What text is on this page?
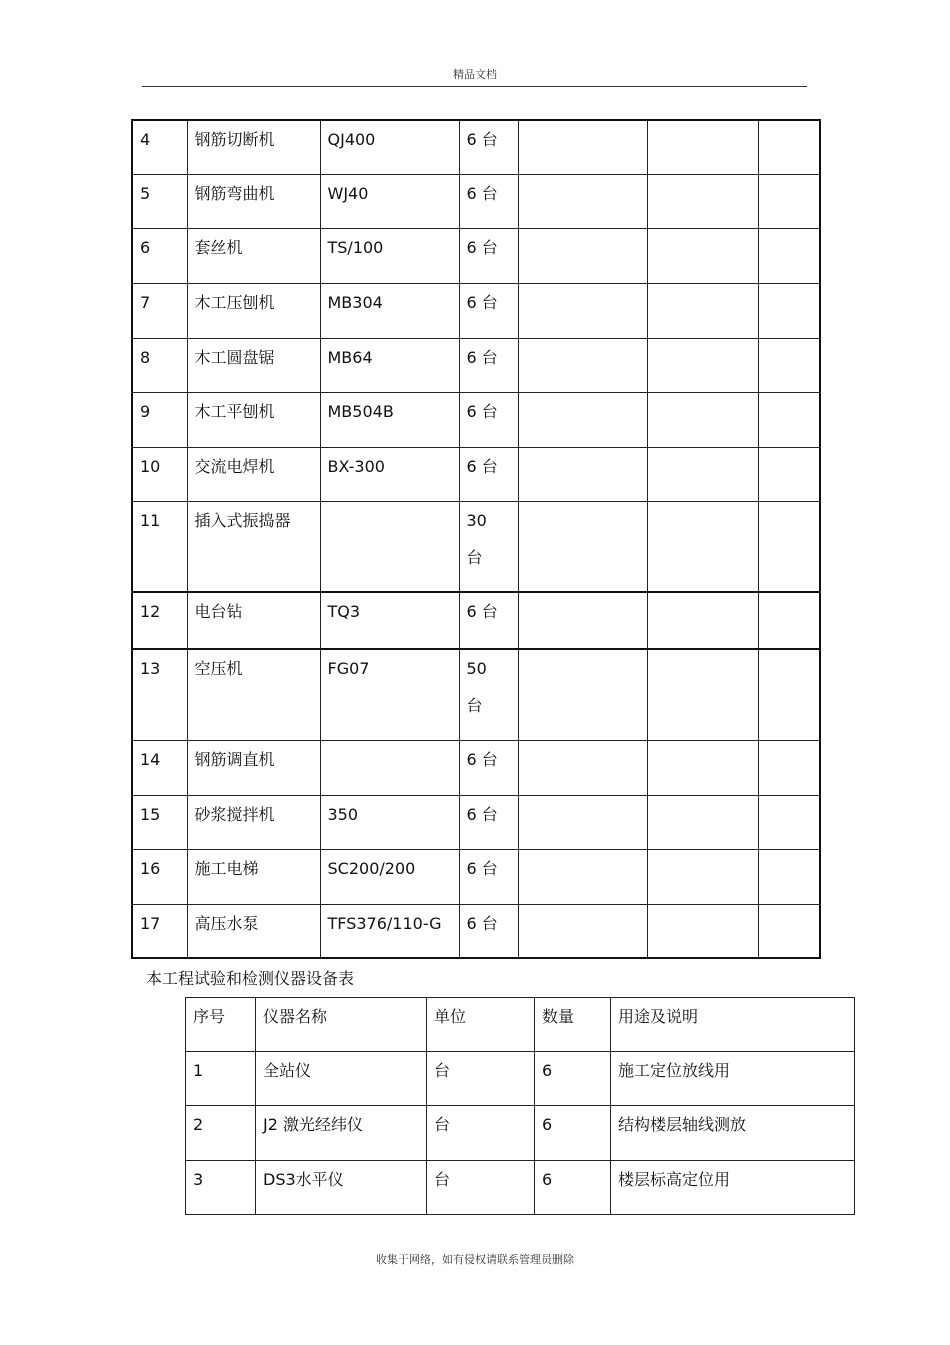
精品文档
4	钢筋切断机	QJ400	6 台			
5	钢筋弯曲机	WJ40	6 台			
6	套丝机	TS/100	6 台			
7	木工压刨机	MB304	6 台			
8	木工圆盘锯	MB64	6 台			
9	木工平刨机	MB504B	6 台			
10	交流电焊机	BX-300	6 台			
11	插入式振捣器		30 台			
12	电台钻	TQ3	6 台			
13	空压机	FG07	50 台			
14	钢筋调直机		6 台			
15	砂浆搅拌机	350	6 台			
16	施工电梯	SC200/200	6 台			
17	高压水泵	TFS376/110-G	6 台			
本工程试验和检测仪器设备表
序号	仪器名称	单位	数量	用途及说明
1	全站仪	台	6	施工定位放线用
2	J2 激光经纬仪	台	6	结构楼层轴线测放
3	DS3水平仪	台	6	楼层标高定位用
收集于网络，如有侵权请联系管理员删除
